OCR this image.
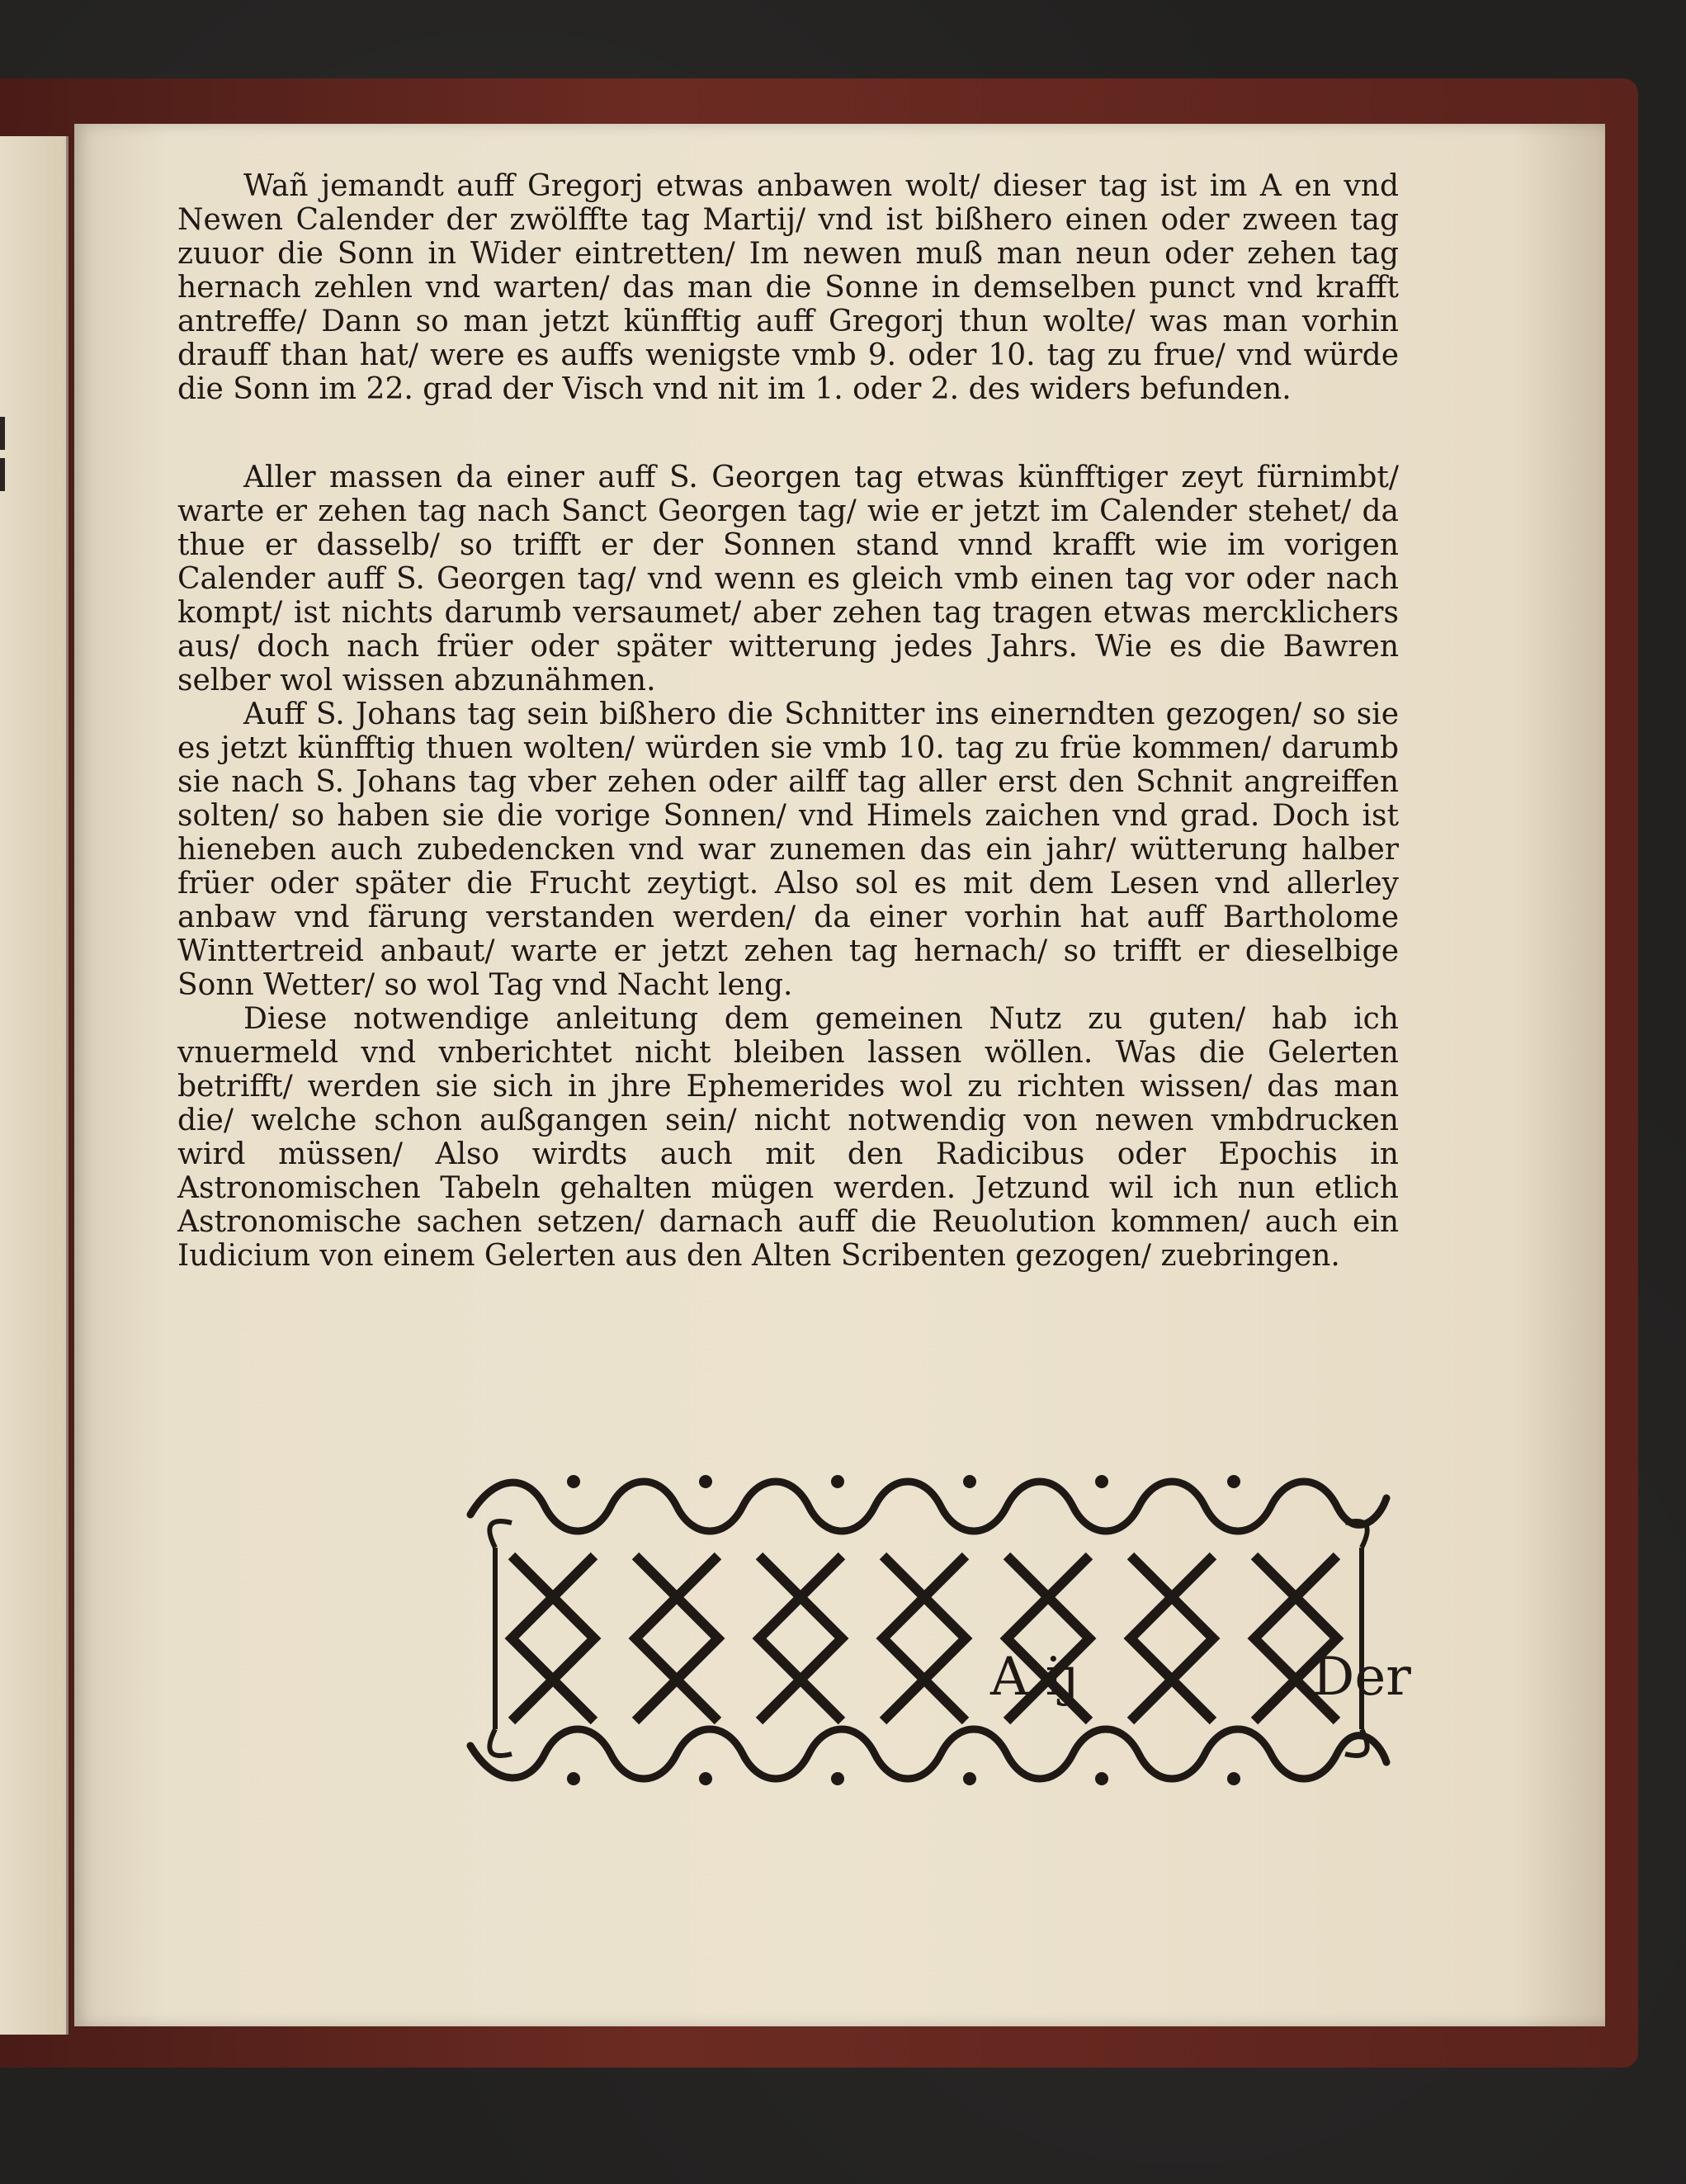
Wañ jemandt auff Gregorj etwas anbawen wolt/ dieser tag ist im A en vnd Newen Calender der zwölffte tag Martij/ vnd ist bißhero einen oder zween tag zuuor die Sonn in Wider eintretten/ Im newen muß man neun oder zehen tag hernach zehlen vnd warten/ das man die Sonne in demselben punct vnd krafft antreffe/ Dann so man jetzt künfftig auff Gregorj thun wolte/ was man vorhin drauff than hat/ were es auffs wenigste vmb 9. oder 10. tag zu frue/ vnd würde die Sonn im 22. grad der Visch vnd nit im 1. oder 2. des widers befunden.

Aller massen da einer auff S. Georgen tag etwas künfftiger zeyt fürnimbt/ warte er zehen tag nach Sanct Georgen tag/ wie er jetzt im Calender stehet/ da thue er dasselb/ so trifft er der Sonnen stand vnnd krafft wie im vorigen Calender auff S. Georgen tag/ vnd wenn es gleich vmb einen tag vor oder nach kompt/ ist nichts darumb versaumet/ aber zehen tag tragen etwas mercklichers aus/ doch nach früer oder später witterung jedes Jahrs. Wie es die Bawren selber wol wissen abzunähmen.

Auff S. Johans tag sein bißhero die Schnitter ins einerndten gezogen/ so sie es jetzt künfftig thuen wolten/ würden sie vmb 10. tag zu früe kommen/ darumb sie nach S. Johans tag vber zehen oder ailff tag aller erst den Schnit angreiffen solten/ so haben sie die vorige Sonnen/ vnd Himels zaichen vnd grad. Doch ist hieneben auch zubedencken vnd war zunemen das ein jahr/ wütterung halber früer oder später die Frucht zeytigt. Also sol es mit dem Lesen vnd allerley anbaw vnd färung verstanden werden/ da einer vorhin hat auff Bartholome Winttertreid anbaut/ warte er jetzt zehen tag hernach/ so trifft er dieselbige Sonn Wetter/ so wol Tag vnd Nacht leng.

Diese notwendige anleitung dem gemeinen Nutz zu guten/ hab ich vnuermeld vnd vnberichtet nicht bleiben lassen wöllen. Was die Gelerten betrifft/ werden sie sich in jhre Ephemerides wol zu richten wissen/ das man die/ welche schon außgangen sein/ nicht notwendig von newen vmbdrucken wird müssen/ Also wirdts auch mit den Radicibus oder Epochis in Astronomischen Tabeln gehalten mügen werden. Jetzund wil ich nun etlich Astronomische sachen setzen/ darnach auff die Reuolution kommen/ auch ein Iudicium von einem Gelerten aus den Alten Scribenten gezogen/ zuebringen.

A ij	Der
